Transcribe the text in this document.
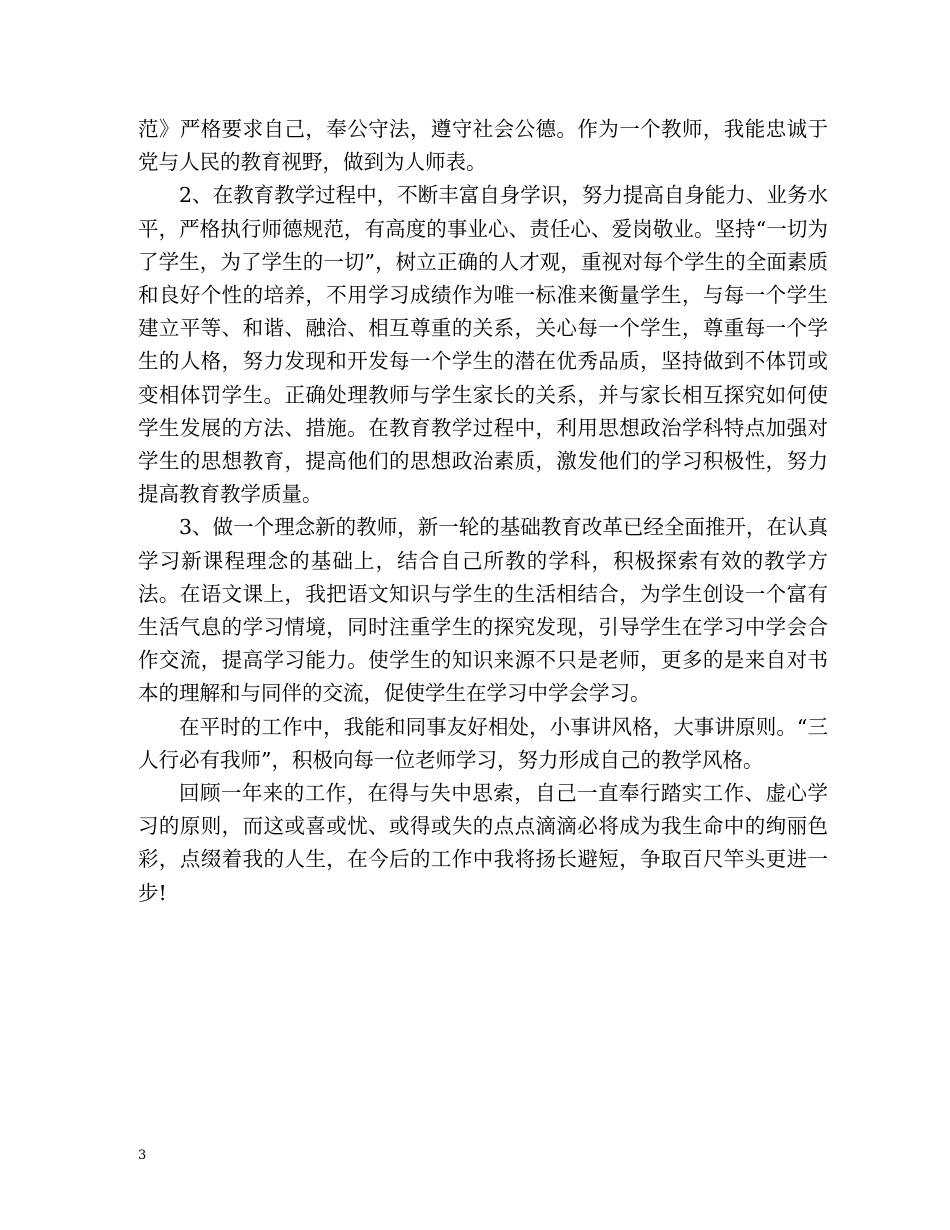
范》严格要求自己，奉公守法，遵守社会公德。作为一个教师，我能忠诚于党与人民的教育视野，做到为人师表。

2、在教育教学过程中，不断丰富自身学识，努力提高自身能力、业务水平，严格执行师德规范，有高度的事业心、责任心、爱岗敬业。坚持“一切为了学生，为了学生的一切”，树立正确的人才观，重视对每个学生的全面素质和良好个性的培养，不用学习成绩作为唯一标准来衡量学生，与每一个学生建立平等、和谐、融洽、相互尊重的关系，关心每一个学生，尊重每一个学生的人格，努力发现和开发每一个学生的潜在优秀品质，坚持做到不体罚或变相体罚学生。正确处理教师与学生家长的关系，并与家长相互探究如何使学生发展的方法、措施。在教育教学过程中，利用思想政治学科特点加强对学生的思想教育，提高他们的思想政治素质，激发他们的学习积极性，努力提高教育教学质量。

3、做一个理念新的教师，新一轮的基础教育改革已经全面推开，在认真学习新课程理念的基础上，结合自己所教的学科，积极探索有效的教学方法。在语文课上，我把语文知识与学生的生活相结合，为学生创设一个富有生活气息的学习情境，同时注重学生的探究发现，引导学生在学习中学会合作交流，提高学习能力。使学生的知识来源不只是老师，更多的是来自对书本的理解和与同伴的交流，促使学生在学习中学会学习。

在平时的工作中，我能和同事友好相处，小事讲风格，大事讲原则。“三人行必有我师”，积极向每一位老师学习，努力形成自己的教学风格。

回顾一年来的工作，在得与失中思索，自己一直奉行踏实工作、虚心学习的原则，而这或喜或忧、或得或失的点点滴滴必将成为我生命中的绚丽色彩，点缀着我的人生，在今后的工作中我将扬长避短，争取百尺竿头更进一步!

3
